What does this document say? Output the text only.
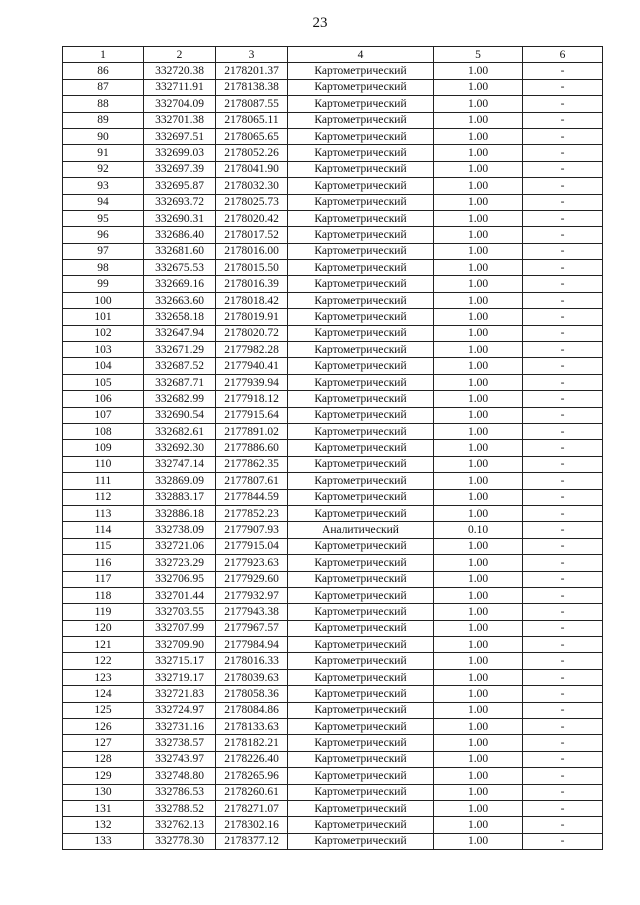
23
1	2	3	4	5	6
86	332720.38	2178201.37	Картометрический	1.00	-
87	332711.91	2178138.38	Картометрический	1.00	-
88	332704.09	2178087.55	Картометрический	1.00	-
89	332701.38	2178065.11	Картометрический	1.00	-
90	332697.51	2178065.65	Картометрический	1.00	-
91	332699.03	2178052.26	Картометрический	1.00	-
92	332697.39	2178041.90	Картометрический	1.00	-
93	332695.87	2178032.30	Картометрический	1.00	-
94	332693.72	2178025.73	Картометрический	1.00	-
95	332690.31	2178020.42	Картометрический	1.00	-
96	332686.40	2178017.52	Картометрический	1.00	-
97	332681.60	2178016.00	Картометрический	1.00	-
98	332675.53	2178015.50	Картометрический	1.00	-
99	332669.16	2178016.39	Картометрический	1.00	-
100	332663.60	2178018.42	Картометрический	1.00	-
101	332658.18	2178019.91	Картометрический	1.00	-
102	332647.94	2178020.72	Картометрический	1.00	-
103	332671.29	2177982.28	Картометрический	1.00	-
104	332687.52	2177940.41	Картометрический	1.00	-
105	332687.71	2177939.94	Картометрический	1.00	-
106	332682.99	2177918.12	Картометрический	1.00	-
107	332690.54	2177915.64	Картометрический	1.00	-
108	332682.61	2177891.02	Картометрический	1.00	-
109	332692.30	2177886.60	Картометрический	1.00	-
110	332747.14	2177862.35	Картометрический	1.00	-
111	332869.09	2177807.61	Картометрический	1.00	-
112	332883.17	2177844.59	Картометрический	1.00	-
113	332886.18	2177852.23	Картометрический	1.00	-
114	332738.09	2177907.93	Аналитический	0.10	-
115	332721.06	2177915.04	Картометрический	1.00	-
116	332723.29	2177923.63	Картометрический	1.00	-
117	332706.95	2177929.60	Картометрический	1.00	-
118	332701.44	2177932.97	Картометрический	1.00	-
119	332703.55	2177943.38	Картометрический	1.00	-
120	332707.99	2177967.57	Картометрический	1.00	-
121	332709.90	2177984.94	Картометрический	1.00	-
122	332715.17	2178016.33	Картометрический	1.00	-
123	332719.17	2178039.63	Картометрический	1.00	-
124	332721.83	2178058.36	Картометрический	1.00	-
125	332724.97	2178084.86	Картометрический	1.00	-
126	332731.16	2178133.63	Картометрический	1.00	-
127	332738.57	2178182.21	Картометрический	1.00	-
128	332743.97	2178226.40	Картометрический	1.00	-
129	332748.80	2178265.96	Картометрический	1.00	-
130	332786.53	2178260.61	Картометрический	1.00	-
131	332788.52	2178271.07	Картометрический	1.00	-
132	332762.13	2178302.16	Картометрический	1.00	-
133	332778.30	2178377.12	Картометрический	1.00	-
